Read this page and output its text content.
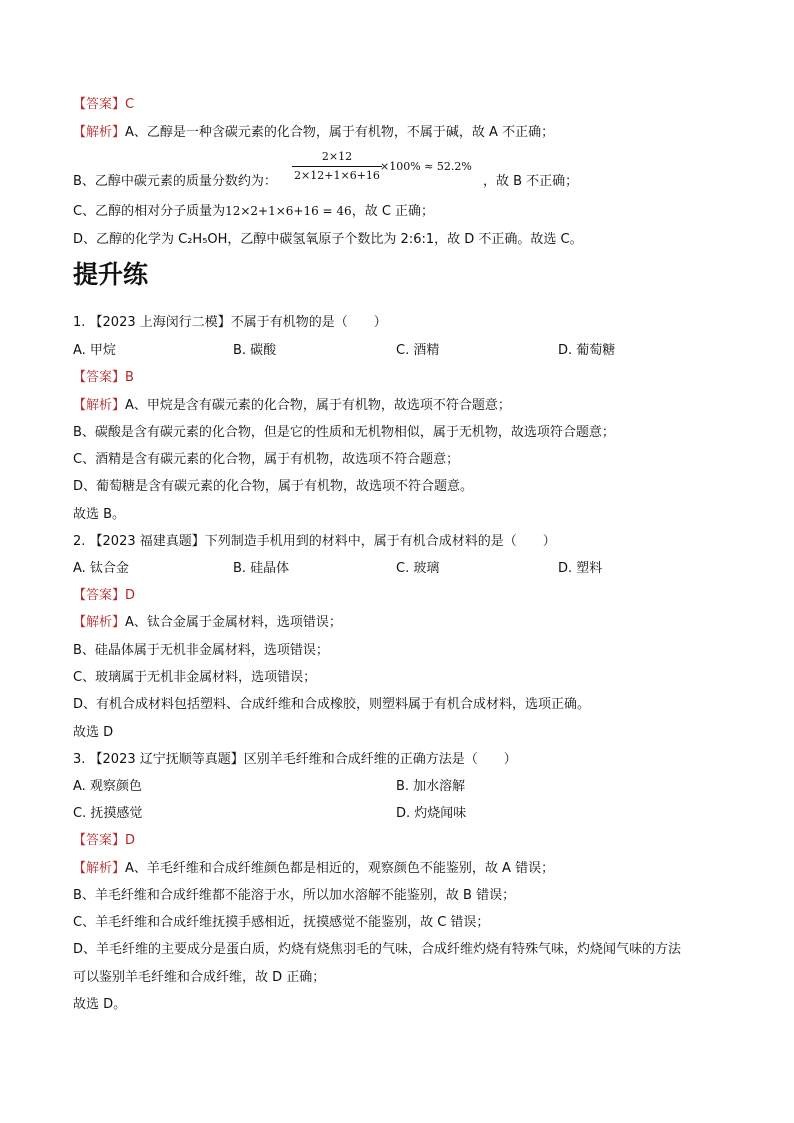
【答案】C
【解析】A、乙醇是一种含碳元素的化合物，属于有机物，不属于碱，故 A 不正确；
B、乙醇中碳元素的质量分数约为：
2×12
2×12+1×6+16
×100% ≈ 52.2%
，故 B 不正确；
C、乙醇的相对分子质量为12×2+1×6+16 = 46，故 C 正确；
D、乙醇的化学为 C₂H₅OH，乙醇中碳氢氧原子个数比为 2:6:1，故 D 不正确。故选 C。
提升练
1. 【2023 上海闵行二模】不属于有机物的是（　　）
A. 甲烷	B. 碳酸	C. 酒精	D. 葡萄糖
【答案】B
【解析】A、甲烷是含有碳元素的化合物，属于有机物，故选项不符合题意；
B、碳酸是含有碳元素的化合物，但是它的性质和无机物相似，属于无机物，故选项符合题意；
C、酒精是含有碳元素的化合物，属于有机物，故选项不符合题意；
D、葡萄糖是含有碳元素的化合物，属于有机物，故选项不符合题意。
故选 B。
2. 【2023 福建真题】下列制造手机用到的材料中，属于有机合成材料的是（　　）
A. 钛合金	B. 硅晶体	C. 玻璃	D. 塑料
【答案】D
【解析】A、钛合金属于金属材料，选项错误；
B、硅晶体属于无机非金属材料，选项错误；
C、玻璃属于无机非金属材料，选项错误；
D、有机合成材料包括塑料、合成纤维和合成橡胶，则塑料属于有机合成材料，选项正确。
故选 D
3. 【2023 辽宁抚顺等真题】区别羊毛纤维和合成纤维的正确方法是（　　）
A. 观察颜色	B. 加水溶解
C. 抚摸感觉	D. 灼烧闻味
【答案】D
【解析】A、羊毛纤维和合成纤维颜色都是相近的，观察颜色不能鉴别，故 A 错误；
B、羊毛纤维和合成纤维都不能溶于水，所以加水溶解不能鉴别，故 B 错误；
C、羊毛纤维和合成纤维抚摸手感相近，抚摸感觉不能鉴别，故 C 错误；
D、羊毛纤维的主要成分是蛋白质，灼烧有烧焦羽毛的气味，合成纤维灼烧有特殊气味，灼烧闻气味的方法
可以鉴别羊毛纤维和合成纤维，故 D 正确；
故选 D。
